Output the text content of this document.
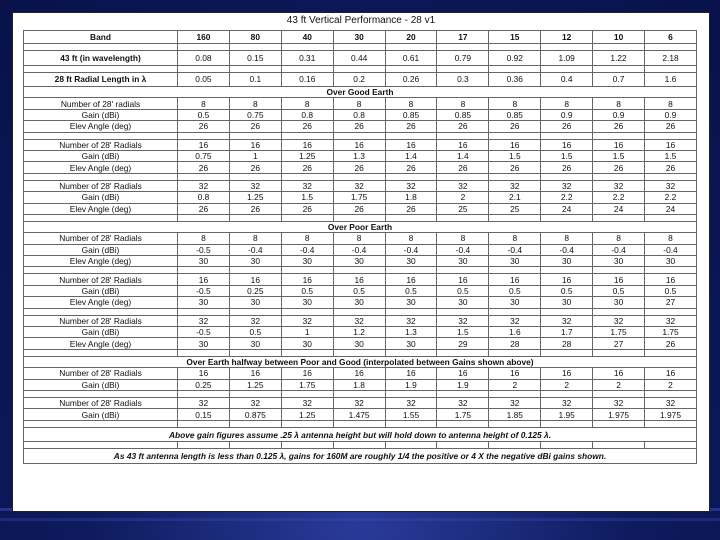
43 ft Vertical Performance - 28 v1
Band	160	80	40	30	20	17	15	12	10	6

43 ft (in wavelength)	0.08	0.15	0.31	0.44	0.61	0.79	0.92	1.09	1.22	2.18

28 ft Radial Length in λ	0.05	0.1	0.16	0.2	0.26	0.3	0.36	0.4	0.7	1.6
Over Good Earth										
Number of 28' radials	8	8	8	8	8	8	8	8	8	8
Gain (dBi)	0.5	0.75	0.8	0.8	0.85	0.85	0.85	0.9	0.9	0.9
Elev Angle (deg)	26	26	26	26	26	26	26	26	26	26

Number of 28' Radials	16	16	16	16	16	16	16	16	16	16
Gain (dBi)	0.75	1	1.25	1.3	1.4	1.4	1.5	1.5	1.5	1.5
Elev Angle (deg)	26	26	26	26	26	26	26	26	26	26

Number of 28' Radials	32	32	32	32	32	32	32	32	32	32
Gain (dBi)	0.8	1.25	1.5	1.75	1.8	2	2.1	2.2	2.2	2.2
Elev Angle (deg)	26	26	26	26	26	25	25	24	24	24

Over Poor Earth										
Number of 28' Radials	8	8	8	8	8	8	8	8	8	8
Gain (dBi)	-0.5	-0.4	-0.4	-0.4	-0.4	-0.4	-0.4	-0.4	-0.4	-0.4
Elev Angle (deg)	30	30	30	30	30	30	30	30	30	30

Number of 28' Radials	16	16	16	16	16	16	16	16	16	16
Gain (dBi)	-0.5	0.25	0.5	0.5	0.5	0.5	0.5	0.5	0.5	0.5
Elev Angle (deg)	30	30	30	30	30	30	30	30	30	27

Number of 28' Radials	32	32	32	32	32	32	32	32	32	32
Gain (dBi)	-0.5	0.5	1	1.2	1.3	1.5	1.6	1.7	1.75	1.75
Elev Angle (deg)	30	30	30	30	30	29	28	28	27	26

Over Earth halfway between Poor and Good (interpolated between Gains shown above)										
Number of 28' Radials	16	16	16	16	16	16	16	16	16	16
Gain (dBi)	0.25	1.25	1.75	1.8	1.9	1.9	2	2	2	2

Number of 28' Radials	32	32	32	32	32	32	32	32	32	32
Gain (dBi)	0.15	0.875	1.25	1.475	1.55	1.75	1.85	1.95	1.975	1.975

Above gain figures assume .25 λ antenna height but will hold down to antenna height of 0.125 λ.										

As 43 ft antenna length is less than 0.125 λ, gains for 160M are roughly 1/4 the positive or 4 X the negative dBi gains shown.										
